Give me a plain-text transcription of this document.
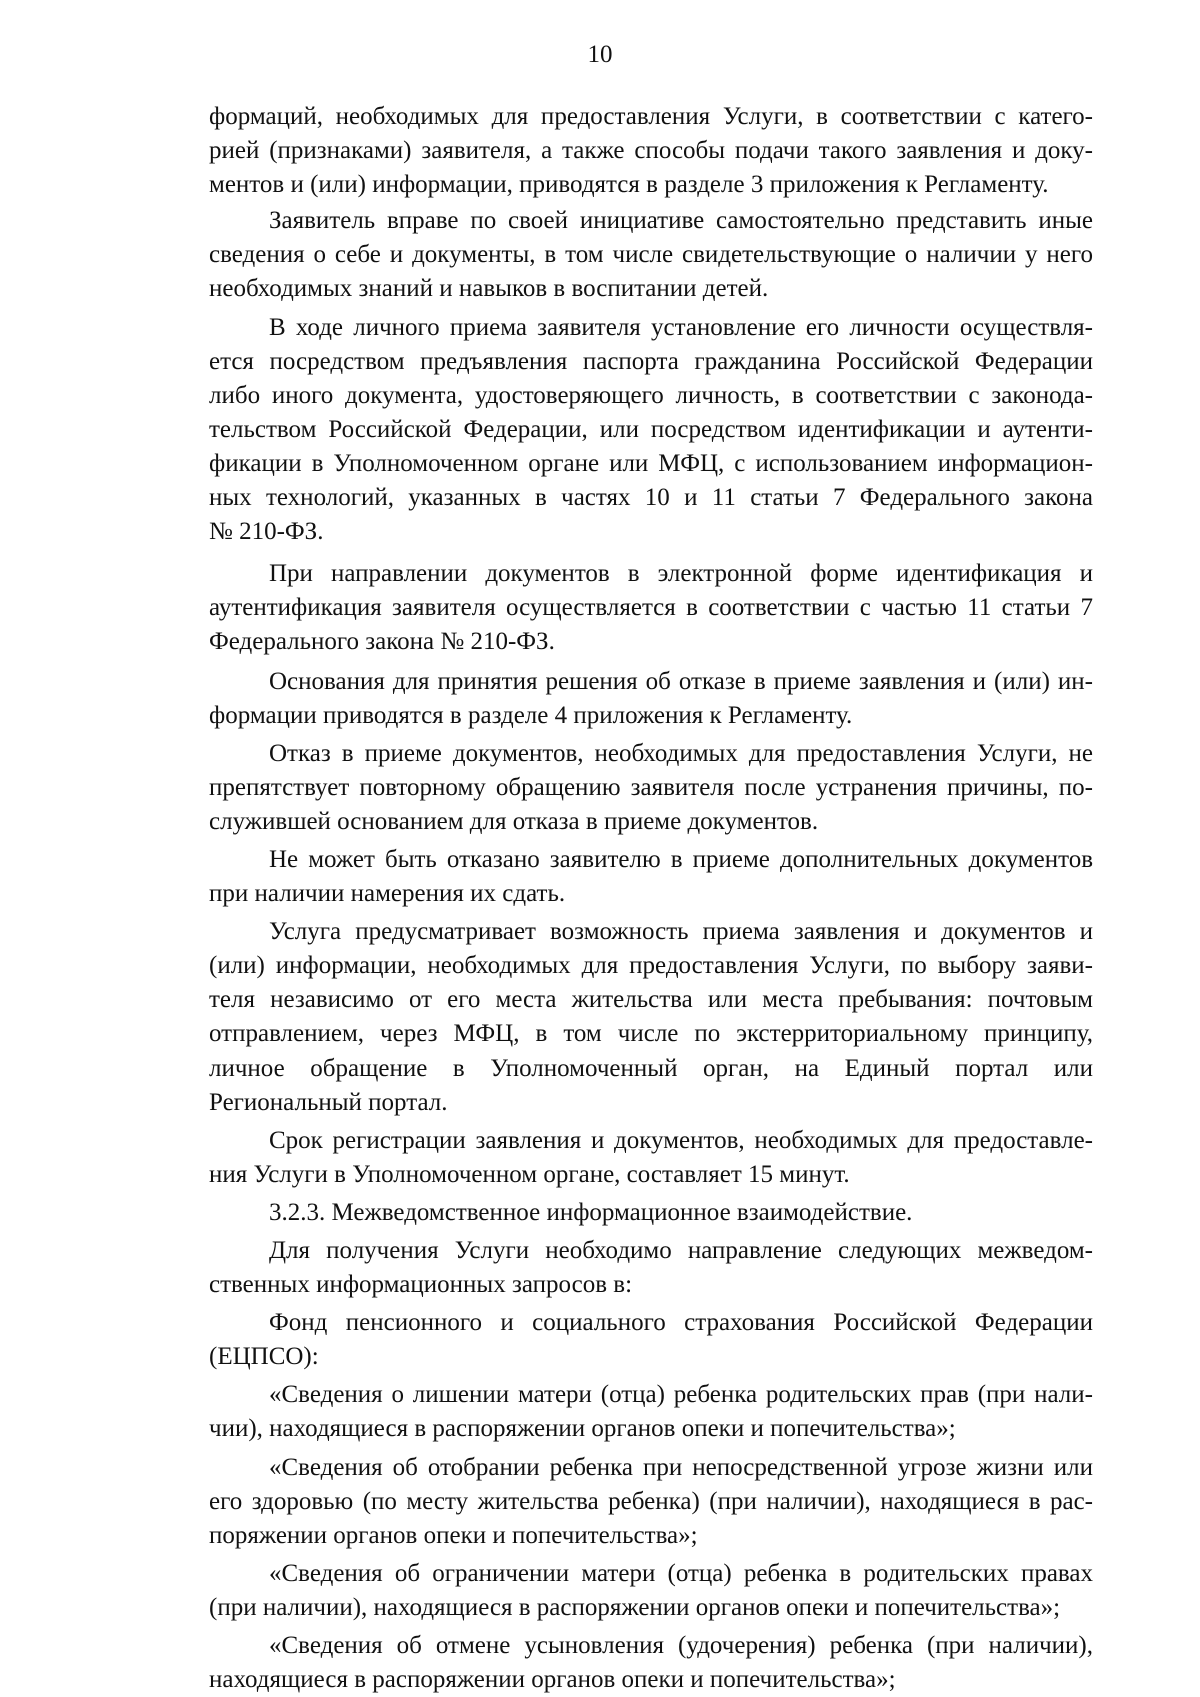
10
формаций, необходимых для предоставления Услуги, в соответствии с катего-
рией (признаками) заявителя, а также способы подачи такого заявления и доку-
ментов и (или) информации, приводятся в разделе 3 приложения к Регламенту.
Заявитель вправе по своей инициативе самостоятельно представить иные
сведения о себе и документы, в том числе свидетельствующие о наличии у него
необходимых знаний и навыков в воспитании детей.
В ходе личного приема заявителя установление его личности осуществля-
ется посредством предъявления паспорта гражданина Российской Федерации
либо иного документа, удостоверяющего личность, в соответствии с законода-
тельством Российской Федерации, или посредством идентификации и аутенти-
фикации в Уполномоченном органе или МФЦ, с использованием информацион-
ных технологий, указанных в частях 10 и 11 статьи 7 Федерального закона
№ 210-ФЗ.
При направлении документов в электронной форме идентификация и
аутентификация заявителя осуществляется в соответствии с частью 11 статьи 7
Федерального закона № 210-ФЗ.
Основания для принятия решения об отказе в приеме заявления и (или) ин-
формации приводятся в разделе 4 приложения к Регламенту.
Отказ в приеме документов, необходимых для предоставления Услуги, не
препятствует повторному обращению заявителя после устранения причины, по-
служившей основанием для отказа в приеме документов.
Не может быть отказано заявителю в приеме дополнительных документов
при наличии намерения их сдать.
Услуга предусматривает возможность приема заявления и документов и
(или) информации, необходимых для предоставления Услуги, по выбору заяви-
теля независимо от его места жительства или места пребывания: почтовым
отправлением, через МФЦ, в том числе по экстерриториальному принципу,
личное обращение в Уполномоченный орган, на Единый портал или
Региональный портал.
Срок регистрации заявления и документов, необходимых для предоставле-
ния Услуги в Уполномоченном органе, составляет 15 минут.
3.2.3. Межведомственное информационное взаимодействие.
Для получения Услуги необходимо направление следующих межведом-
ственных информационных запросов в:
Фонд пенсионного и социального страхования Российской Федерации
(ЕЦПСО):
«Сведения о лишении матери (отца) ребенка родительских прав (при нали-
чии), находящиеся в распоряжении органов опеки и попечительства»;
«Сведения об отобрании ребенка при непосредственной угрозе жизни или
его здоровью (по месту жительства ребенка) (при наличии), находящиеся в рас-
поряжении органов опеки и попечительства»;
«Сведения об ограничении матери (отца) ребенка в родительских правах
(при наличии), находящиеся в распоряжении органов опеки и попечительства»;
«Сведения об отмене усыновления (удочерения) ребенка (при наличии),
находящиеся в распоряжении органов опеки и попечительства»;
